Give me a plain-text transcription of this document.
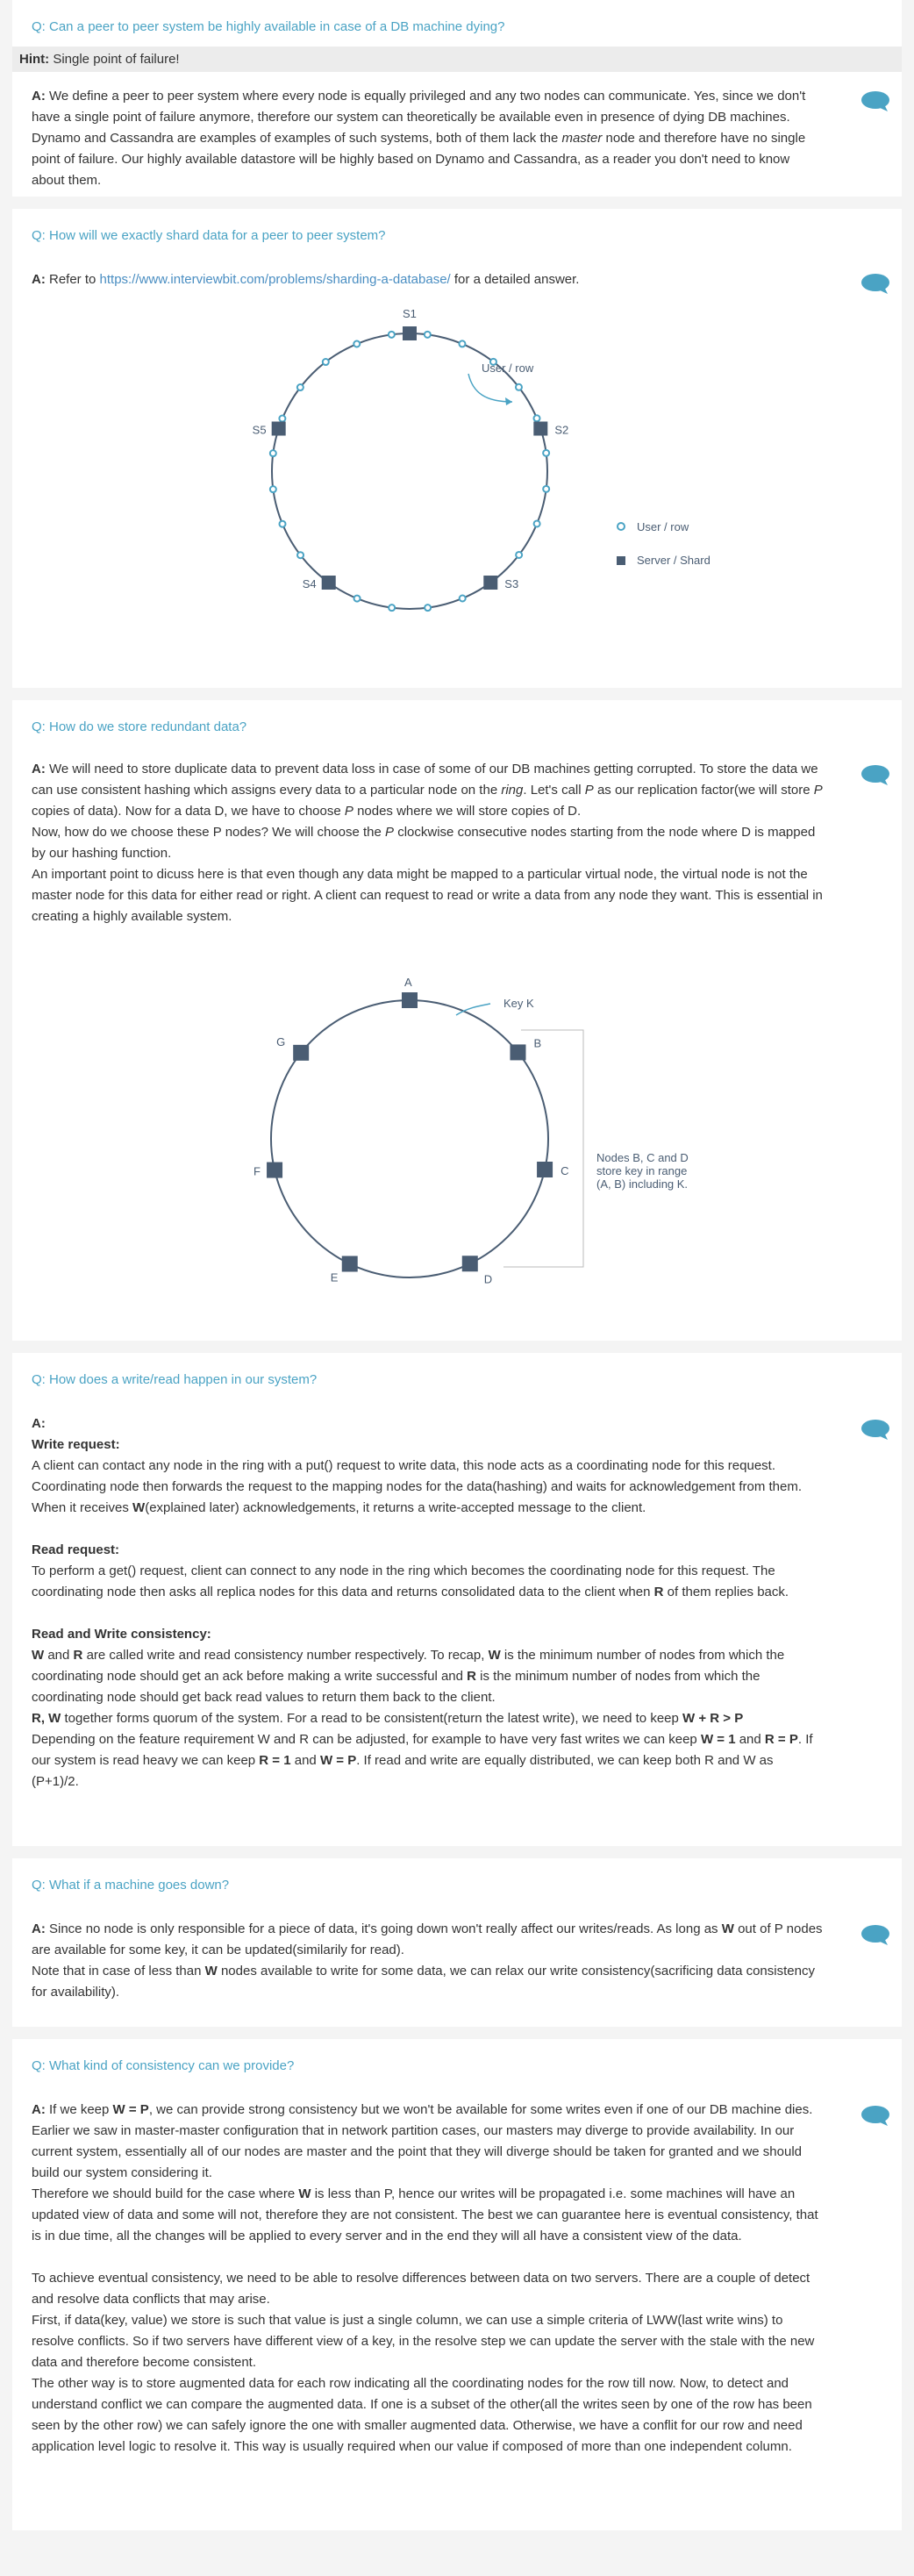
Q: Can a peer to peer system be highly available in case of a DB machine dying?
Hint: Single point of failure!
A: We define a peer to peer system where every node is equally privileged and any two nodes can communicate. Yes, since we don't have a single point of failure anymore, therefore our system can theoretically be available even in presence of dying DB machines. Dynamo and Cassandra are examples of examples of such systems, both of them lack the master node and therefore have no single point of failure. Our highly available datastore will be highly based on Dynamo and Cassandra, as a reader you don't need to know about them.
Q: How will we exactly shard data for a peer to peer system?
A: Refer to https://www.interviewbit.com/problems/sharding-a-database/ for a detailed answer.
User / row
S1
S2
S3
S4
S5
User / row
Server / Shard
Q: How do we store redundant data?
A: We will need to store duplicate data to prevent data loss in case of some of our DB machines getting corrupted. To store the data we can use consistent hashing which assigns every data to a particular node on the ring. Let's call P as our replication factor(we will store P copies of data). Now for a data D, we have to choose P nodes where we will store copies of D.
Now, how do we choose these P nodes? We will choose the P clockwise consecutive nodes starting from the node where D is mapped by our hashing function.
An important point to dicuss here is that even though any data might be mapped to a particular virtual node, the virtual node is not the master node for this data for either read or right. A client can request to read or write a data from any node they want. This is essential in creating a highly available system.
Key K
Nodes B, C and D
store key in range
(A, B) including K.
A
B
C
D
E
F
G
Q: How does a write/read happen in our system?
A:
Write request:
A client can contact any node in the ring with a put() request to write data, this node acts as a coordinating node for this request. Coordinating node then forwards the request to the mapping nodes for the data(hashing) and waits for acknowledgement from them. When it receives W(explained later) acknowledgements, it returns a write-accepted message to the client.

Read request:
To perform a get() request, client can connect to any node in the ring which becomes the coordinating node for this request. The coordinating node then asks all replica nodes for this data and returns consolidated data to the client when R of them replies back.

Read and Write consistency:
W and R are called write and read consistency number respectively. To recap, W is the minimum number of nodes from which the coordinating node should get an ack before making a write successful and R is the minimum number of nodes from which the coordinating node should get back read values to return them back to the client.
R, W together forms quorum of the system. For a read to be consistent(return the latest write), we need to keep W + R > P
Depending on the feature requirement W and R can be adjusted, for example to have very fast writes we can keep W = 1 and R = P. If our system is read heavy we can keep R = 1 and W = P. If read and write are equally distributed, we can keep both R and W as (P+1)/2.
Q: What if a machine goes down?
A: Since no node is only responsible for a piece of data, it's going down won't really affect our writes/reads. As long as W out of P nodes are available for some key, it can be updated(similarily for read).
Note that in case of less than W nodes available to write for some data, we can relax our write consistency(sacrificing data consistency for availability).
Q: What kind of consistency can we provide?
A: If we keep W = P, we can provide strong consistency but we won't be available for some writes even if one of our DB machine dies.
Earlier we saw in master-master configuration that in network partition cases, our masters may diverge to provide availability. In our current system, essentially all of our nodes are master and the point that they will diverge should be taken for granted and we should build our system considering it.
Therefore we should build for the case where W is less than P, hence our writes will be propagated i.e. some machines will have an updated view of data and some will not, therefore they are not consistent. The best we can guarantee here is eventual consistency, that is in due time, all the changes will be applied to every server and in the end they will all have a consistent view of the data.

To achieve eventual consistency, we need to be able to resolve differences between data on two servers. There are a couple of detect and resolve data conflicts that may arise.
First, if data(key, value) we store is such that value is just a single column, we can use a simple criteria of LWW(last write wins) to resolve conflicts. So if two servers have different view of a key, in the resolve step we can update the server with the stale with the new data and therefore become consistent.
The other way is to store augmented data for each row indicating all the coordinating nodes for the row till now. Now, to detect and understand conflict we can compare the augmented data. If one is a subset of the other(all the writes seen by one of the row has been seen by the other row) we can safely ignore the one with smaller augmented data. Otherwise, we have a conflit for our row and need application level logic to resolve it. This way is usually required when our value if composed of more than one independent column.
